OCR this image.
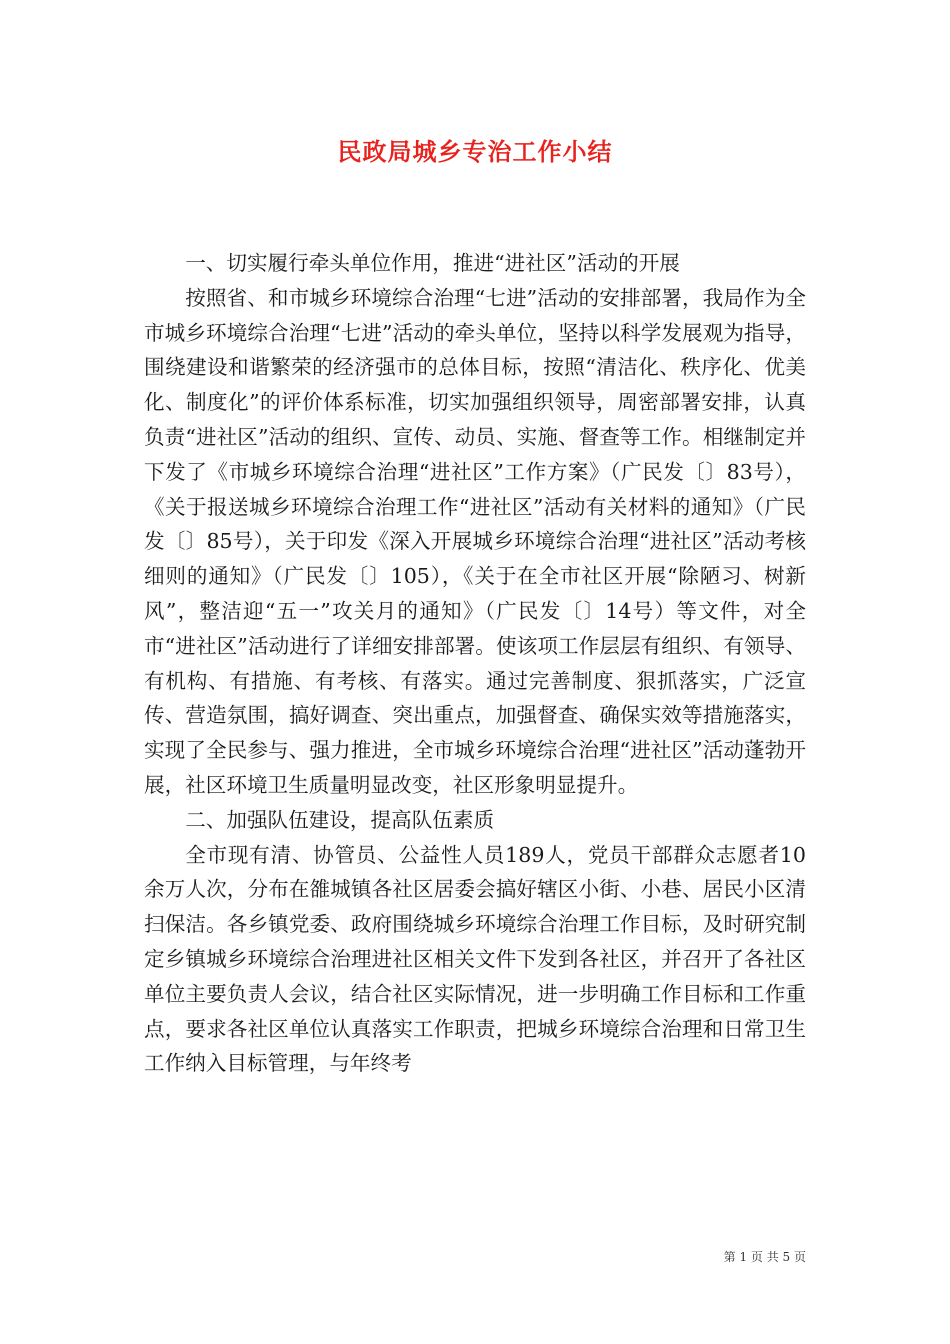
民政局城乡专治工作小结

一、切实履行牵头单位作用，推进“进社区”活动的开展

按照省、和市城乡环境综合治理“七进”活动的安排部署，我局作为全市城乡环境综合治理“七进”活动的牵头单位，坚持以科学发展观为指导，围绕建设和谐繁荣的经济强市的总体目标，按照“清洁化、秩序化、优美化、制度化”的评价体系标准，切实加强组织领导，周密部署安排，认真负责“进社区”活动的组织、宣传、动员、实施、督查等工作。相继制定并下发了《市城乡环境综合治理“进社区”工作方案》（广民发〔〕83号），《关于报送城乡环境综合治理工作“进社区”活动有关材料的通知》（广民发〔〕85号），关于印发《深入开展城乡环境综合治理“进社区”活动考核细则的通知》（广民发〔〕105），《关于在全市社区开展“除陋习、树新风”，整洁迎“五一”攻关月的通知》（广民发〔〕14号）等文件，对全市“进社区”活动进行了详细安排部署。使该项工作层层有组织、有领导、有机构、有措施、有考核、有落实。通过完善制度、狠抓落实，广泛宣传、营造氛围，搞好调查、突出重点，加强督查、确保实效等措施落实，实现了全民参与、强力推进，全市城乡环境综合治理“进社区”活动蓬勃开展，社区环境卫生质量明显改变，社区形象明显提升。

二、加强队伍建设，提高队伍素质

全市现有清、协管员、公益性人员189人，党员干部群众志愿者10余万人次，分布在雒城镇各社区居委会搞好辖区小街、小巷、居民小区清扫保洁。各乡镇党委、政府围绕城乡环境综合治理工作目标，及时研究制定乡镇城乡环境综合治理进社区相关文件下发到各社区，并召开了各社区单位主要负责人会议，结合社区实际情况，进一步明确工作目标和工作重点，要求各社区单位认真落实工作职责，把城乡环境综合治理和日常卫生工作纳入目标管理，与年终考

第 1 页 共 5 页
